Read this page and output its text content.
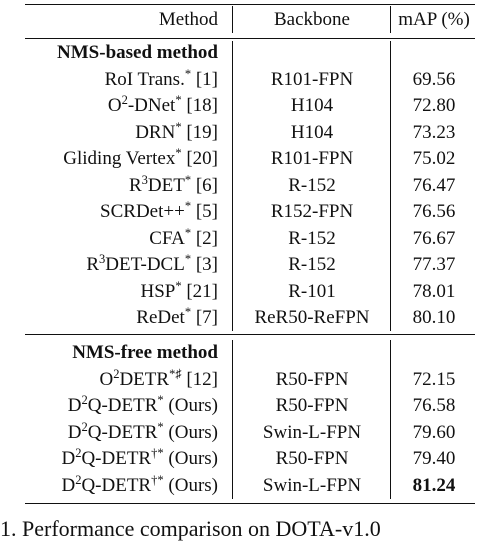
Method	Backbone	mAP (%)
NMS-based method
RoI Trans.* [1]	R101-FPN	69.56
$O^2-DNet^*$ [18]	H104	72.80
DRN* [19]	H104	73.23
Gliding Vertex* [20]	R101-FPN	75.02
$R^3DET^*$ [6]	R-152	76.47
SCRDet++* [5]	R152-FPN	76.56
CFA* [2]	R-152	76.67
$R^3DET-DCL^*$ [3]	R-152	77.37
HSP* [21]	R-101	78.01
ReDet* [7]	ReR50-ReFPN	80.10
NMS-free method
$O^2DETR^{*♯}$ [12]	R50-FPN	72.15
$D^2Q-DETR^*$ (Ours)	R50-FPN	76.58
$D^2Q-DETR^*$ (Ours)	Swin-L-FPN	79.60
$D^2Q-DETR^{\dagger*}$ (Ours)	R50-FPN	79.40
$D^2Q-DETR^{\dagger*}$ (Ours)	Swin-L-FPN	81.24
1. Performance comparison on DOTA-v1.0
